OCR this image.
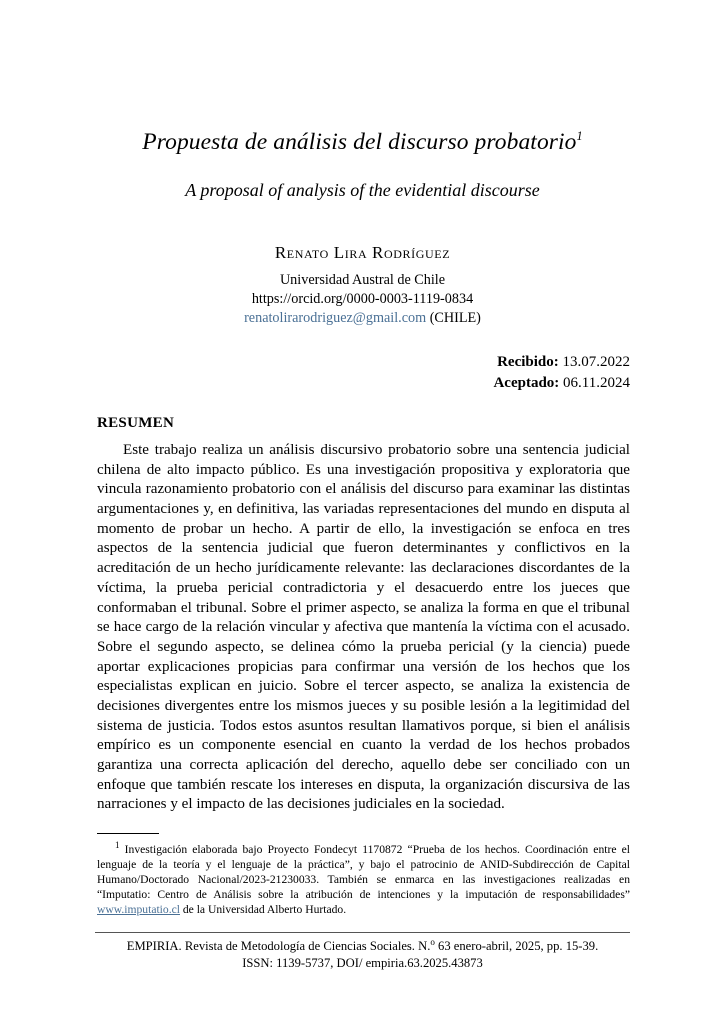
Propuesta de análisis del discurso probatorio$^1$
A proposal of analysis of the evidential discourse
Renato Lira Rodríguez
Universidad Austral de Chile
https://orcid.org/0000-0003-1119-0834
renatolirarodriguez@gmail.com (CHILE)
Recibido: 13.07.2022
Aceptado: 06.11.2024
RESUMEN
Este trabajo realiza un análisis discursivo probatorio sobre una sentencia judicial chilena de alto impacto público. Es una investigación propositiva y exploratoria que vincula razonamiento probatorio con el análisis del discurso para examinar las distintas argumentaciones y, en definitiva, las variadas representaciones del mundo en disputa al momento de probar un hecho. A partir de ello, la investigación se enfoca en tres aspectos de la sentencia judicial que fueron determinantes y conflictivos en la acreditación de un hecho jurídicamente relevante: las declaraciones discordantes de la víctima, la prueba pericial contradictoria y el desacuerdo entre los jueces que conformaban el tribunal. Sobre el primer aspecto, se analiza la forma en que el tribunal se hace cargo de la relación vincular y afectiva que mantenía la víctima con el acusado. Sobre el segundo aspecto, se delinea cómo la prueba pericial (y la ciencia) puede aportar explicaciones propicias para confirmar una versión de los hechos que los especialistas explican en juicio. Sobre el tercer aspecto, se analiza la existencia de decisiones divergentes entre los mismos jueces y su posible lesión a la legitimidad del sistema de justicia. Todos estos asuntos resultan llamativos porque, si bien el análisis empírico es un componente esencial en cuanto la verdad de los hechos probados garantiza una correcta aplicación del derecho, aquello debe ser conciliado con un enfoque que también rescate los intereses en disputa, la organización discursiva de las narraciones y el impacto de las decisiones judiciales en la sociedad.
$^1$ Investigación elaborada bajo Proyecto Fondecyt 1170872 “Prueba de los hechos. Coordinación entre el lenguaje de la teoría y el lenguaje de la práctica”, y bajo el patrocinio de ANID-Subdirección de Capital Humano/Doctorado Nacional/2023-21230033. También se enmarca en las investigaciones realizadas en “Imputatio: Centro de Análisis sobre la atribución de intenciones y la imputación de responsabilidades” www.imputatio.cl de la Universidad Alberto Hurtado.
EMPIRIA. Revista de Metodología de Ciencias Sociales. N.$^o$ 63 enero-abril, 2025, pp. 15-39.
ISSN: 1139-5737, DOI/ empiria.63.2025.43873
